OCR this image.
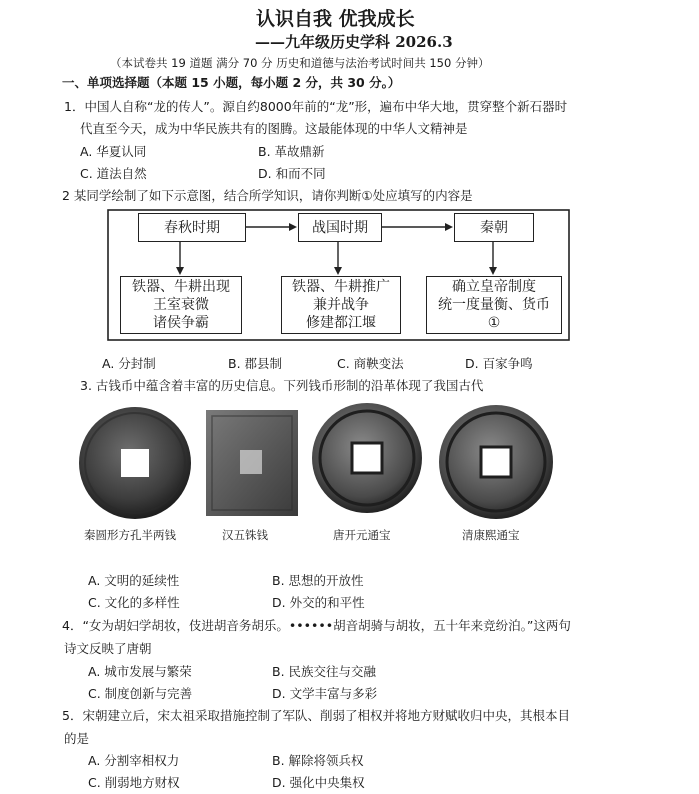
认识自我 优我成长
——九年级历史学科 2026.3
（本试卷共 19 道题 满分 70 分 历史和道德与法治考试时间共 150 分钟）
一、单项选择题（本题 15 小题，每小题 2 分，共 30 分。）
1．中国人自称“龙的传人”。源自约8000年前的“龙”形，遍布中华大地，贯穿整个新石器时
代直至今天，成为中华民族共有的图腾。这最能体现的中华人文精神是
A. 华夏认同	B. 革故鼎新
C. 道法自然	D. 和而不同
2 某同学绘制了如下示意图，结合所学知识，请你判断①处应填写的内容是
春秋时期	战国时期	秦朝
铁器、牛耕出现
王室衰微
诸侯争霸
铁器、牛耕推广
兼并战争
修建都江堰
确立皇帝制度
统一度量衡、货币
①
A. 分封制	B. 郡县制	C. 商鞅变法	D. 百家争鸣
3. 古钱币中蕴含着丰富的历史信息。下列钱币形制的沿革体现了我国古代
秦圆形方孔半两钱	汉五铢钱	唐开元通宝	清康熙通宝
A. 文明的延续性	B. 思想的开放性
C. 文化的多样性	D. 外交的和平性
4．“女为胡妇学胡妆，伎进胡音务胡乐。••••••胡音胡骑与胡妆，五十年来竞纷泊。”这两句
诗文反映了唐朝
A. 城市发展与繁荣	B. 民族交往与交融
C. 制度创新与完善	D. 文学丰富与多彩
5．宋朝建立后，宋太祖采取措施控制了军队、削弱了相权并将地方财赋收归中央，其根本目
的是
A. 分割宰相权力	B. 解除将领兵权
C. 削弱地方财权	D. 强化中央集权
